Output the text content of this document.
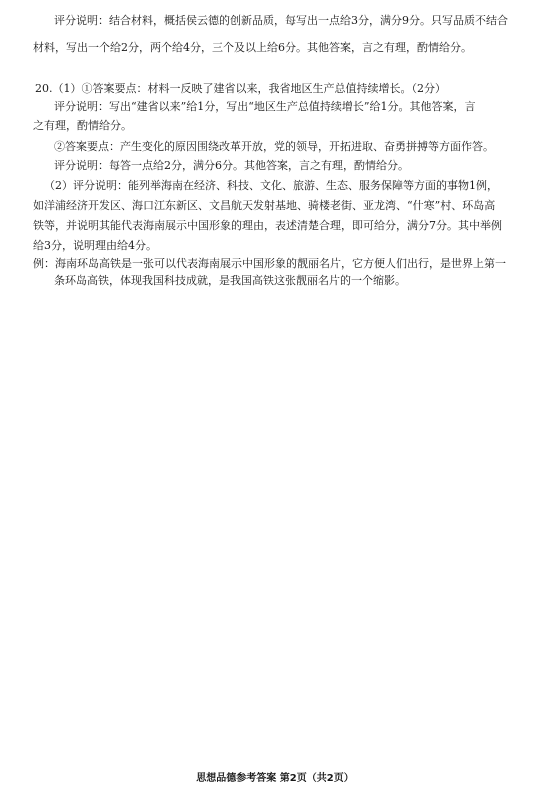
评分说明：结合材料，概括侯云德的创新品质，每写出一点给3分，满分9分。只写品质不结合
材料，写出一个给2分，两个给4分，三个及以上给6分。其他答案，言之有理，酌情给分。
20.（1）①答案要点：材料一反映了建省以来，我省地区生产总值持续增长。（2分）
评分说明：写出“建省以来”给1分，写出“地区生产总值持续增长”给1分。其他答案，言
之有理，酌情给分。
②答案要点：产生变化的原因围绕改革开放，党的领导，开拓进取、奋勇拼搏等方面作答。
评分说明：每答一点给2分，满分6分。其他答案，言之有理，酌情给分。
（2）评分说明：能列举海南在经济、科技、文化、旅游、生态、服务保障等方面的事物1例，
如洋浦经济开发区、海口江东新区、文昌航天发射基地、骑楼老街、亚龙湾、“什寒”村、环岛高
铁等，并说明其能代表海南展示中国形象的理由，表述清楚合理，即可给分，满分7分。其中举例
给3分，说明理由给4分。
例：海南环岛高铁是一张可以代表海南展示中国形象的靓丽名片，它方便人们出行，是世界上第一
条环岛高铁，体现我国科技成就，是我国高铁这张靓丽名片的一个缩影。
思想品德参考答案 第2页（共2页）
